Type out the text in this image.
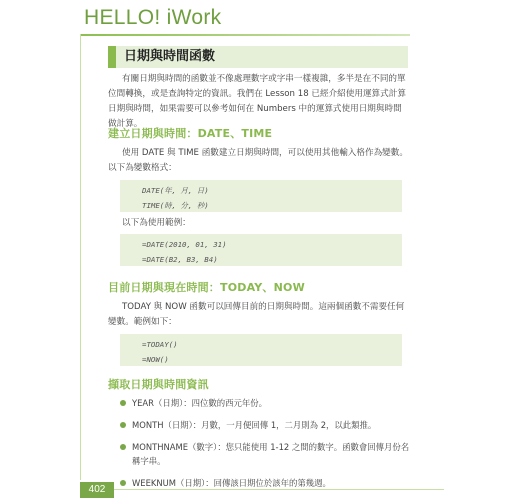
HELLO! iWork
日期與時間函數

有關日期與時間的函數並不像處理數字或字串一樣複雜，多半是在不同的單位間轉換，或是查詢特定的資訊。我們在 Lesson 18 已經介紹使用運算式計算日期與時間，如果需要可以參考如何在 Numbers 中的運算式使用日期與時間做計算。

建立日期與時間：DATE、TIME

使用 DATE 與 TIME 函數建立日期與時間，可以使用其他輸入格作為變數。以下為變數格式：

DATE(年, 月, 日)
TIME(時, 分, 秒)

以下為使用範例：

=DATE(2010, 01, 31)
=DATE(B2, B3, B4)
目前日期與現在時間：TODAY、NOW

TODAY 與 NOW 函數可以回傳目前的日期與時間。這兩個函數不需要任何變數。範例如下：

=TODAY()
=NOW()
擷取日期與時間資訊
YEAR（日期）：四位數的西元年份。
MONTH（日期）：月數，一月便回傳 1，二月則為 2，以此類推。
MONTHNAME（數字）：您只能使用 1-12 之間的數字。函數會回傳月份名稱字串。
WEEKNUM（日期）：回傳該日期位於該年的第幾週。
402
